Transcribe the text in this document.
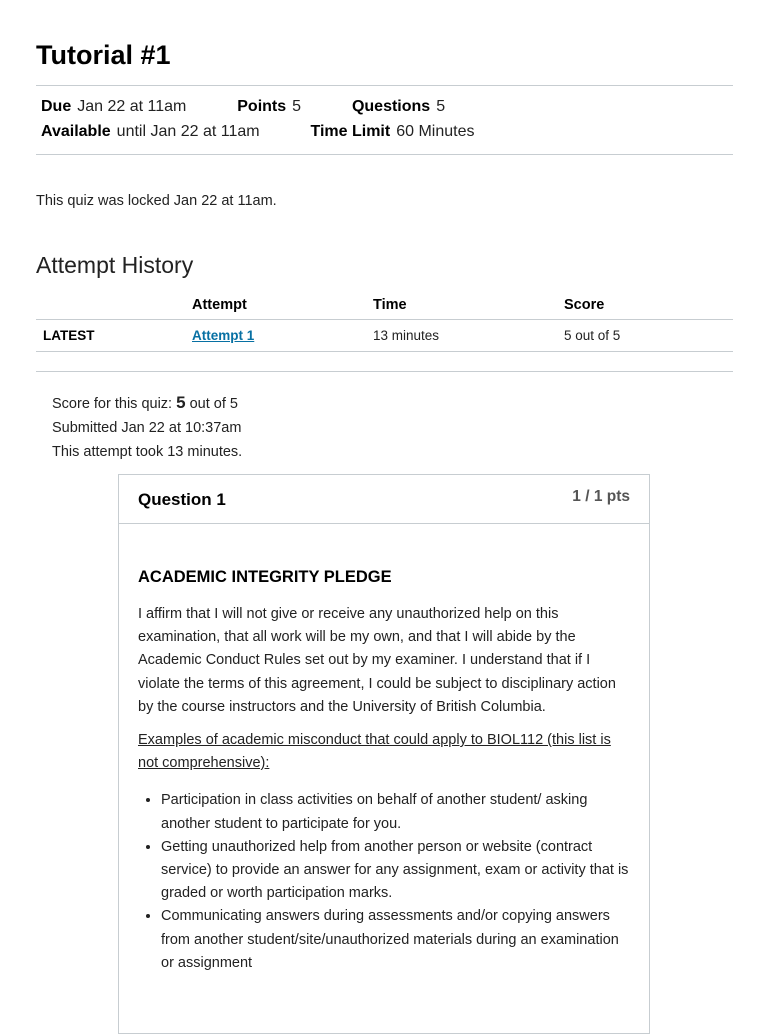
Tutorial #1
Due Jan 22 at 11am	Points 5	Questions 5
Available until Jan 22 at 11am	Time Limit 60 Minutes
This quiz was locked Jan 22 at 11am.
Attempt History
	Attempt	Time	Score
LATEST	Attempt 1	13 minutes	5 out of 5
Score for this quiz: 5 out of 5
Submitted Jan 22 at 10:37am
This attempt took 13 minutes.
Question 1	1 / 1 pts
ACADEMIC INTEGRITY PLEDGE

I affirm that I will not give or receive any unauthorized help on this examination, that all work will be my own, and that I will abide by the Academic Conduct Rules set out by my examiner. I understand that if I violate the terms of this agreement, I could be subject to disciplinary action by the course instructors and the University of British Columbia.

Examples of academic misconduct that could apply to BIOL112 (this list is not comprehensive):

• Participation in class activities on behalf of another student/ asking another student to participate for you.
• Getting unauthorized help from another person or website (contract service) to provide an answer for any assignment, exam or activity that is graded or worth participation marks.
• Communicating answers during assessments and/or copying answers from another student/site/unauthorized materials during an examination or assignment
